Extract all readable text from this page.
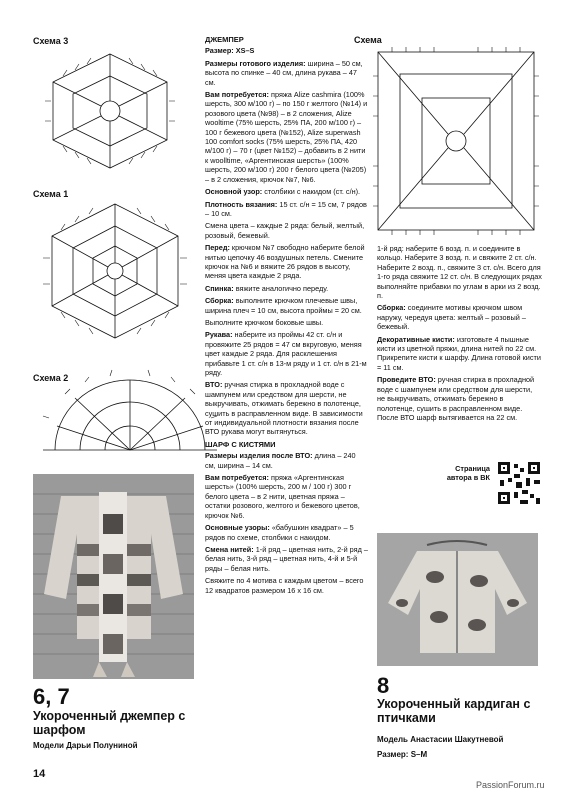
Схема 3
Схема 1
Схема 2
6, 7
Укороченный джемпер с шарфом
Модели Дарьи Полуниной
14
ДЖЕМПЕР

Размер: XS–S

Размеры готового изделия: ширина – 50 см, высота по спинке – 40 см, длина рукава – 47 см.

Вам потребуется: пряжа Alize cashmira (100% шерсть, 300 м/100 г) – по 150 г желтого (№14) и розового цвета (№98) – в 2 сложения, Alize wooltime (75% шерсть, 25% ПА, 200 м/100 г) – 100 г бежевого цвета (№152), Alize superwash 100 comfort socks (75% шерсть, 25% ПА, 420 м/100 г) – 70 г (цвет №152) – добавить в 2 нити к woolltime, «Аргентинская шерсть» (100% шерсть, 200 м/100 г) 200 г белого цвета (№205) – в 2 сложения, крючок №7, №6.

Основной узор: столбики с накидом (ст. с/н).

Плотность вязания: 15 ст. с/н = 15 см, 7 рядов – 10 см.

Смена цвета – каждые 2 ряда: белый, желтый, розовый, бежевый.

Перед: крючком №7 свободно наберите белой нитью цепочку 46 воздушных петель. Смените крючок на №6 и вяжите 26 рядов в высоту, меняя цвета каждые 2 ряда.

Спинка: вяжите аналогично переду.

Сборка: выполните крючком плечевые швы, ширина плеч = 10 см, высота проймы = 20 см.

Выполните крючком боковые швы.

Рукава: наберите из проймы 42 ст. с/н и провяжите 25 рядов = 47 см вкруговую, меняя цвет каждые 2 ряда. Для расклешения прибавьте 1 ст. с/н в 13-м ряду и 1 ст. с/н в 21-м ряду.

ВТО: ручная стирка в прохладной воде с шампунем или средством для шерсти, не выкручивать, отжимать бережно в полотенце, сушить в расправленном виде. В зависимости от индивидуальной плотности вязания после ВТО рукава могут вытянуться.

ШАРФ С КИСТЯМИ

Размеры изделия после ВТО: длина – 240 см, ширина – 14 см.

Вам потребуется: пряжа «Аргентинская шерсть» (100% шерсть, 200 м / 100 г) 300 г белого цвета – в 2 нити, цветная пряжа – остатки розового, желтого и бежевого цветов, крючок №6.

Основные узоры: «бабушкин квадрат» – 5 рядов по схеме, столбики с накидом.

Смена нитей: 1-й ряд – цветная нить, 2-й ряд – белая нить, 3-й ряд – цветная нить, 4-й и 5-й ряды – белая нить.

Свяжите по 4 мотива с каждым цветом – всего 12 квадратов размером 16 х 16 см.

Схема

1-й ряд: наберите 6 возд. п. и соедините в кольцо. Наберите 3 возд. п. и свяжите 2 ст. с/н. Наберите 2 возд. п., свяжите 3 ст. с/н. Всего для 1-го ряда свяжите 12 ст. с/н. В следующих рядах выполняйте прибавки по углам в арки из 2 возд. п.

Сборка: соедините мотивы крючком швом наружу, чередуя цвета: желтый – розовый – бежевый.

Декоративные кисти: изготовьте 4 пышные кисти из цветной пряжи, длина нитей по 22 см. Прикрепите кисти к шарфу. Длина готовой кисти = 11 см.

Проведите ВТО: ручная стирка в прохладной воде с шампунем или средством для шерсти, не выкручивать, отжимать бережно в полотенце, сушить в расправленном виде. После ВТО шарф вытягивается на 22 см.

Страница автора в ВК
8
Укороченный кардиган с птичками
Модель Анастасии Шакутневой
Размер: S–M
PassionForum.ru
